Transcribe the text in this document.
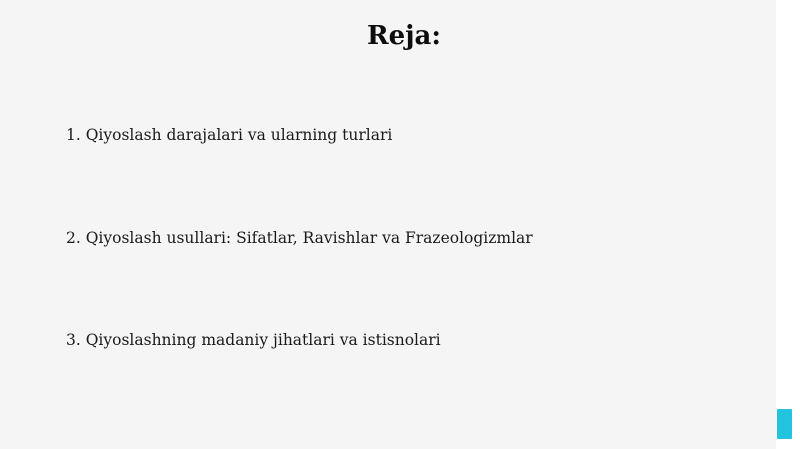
Reja:
1. Qiyoslash darajalari va ularning turlari
2. Qiyoslash usullari: Sifatlar, Ravishlar va Frazeologizmlar
3. Qiyoslashning madaniy jihatlari va istisnolari
